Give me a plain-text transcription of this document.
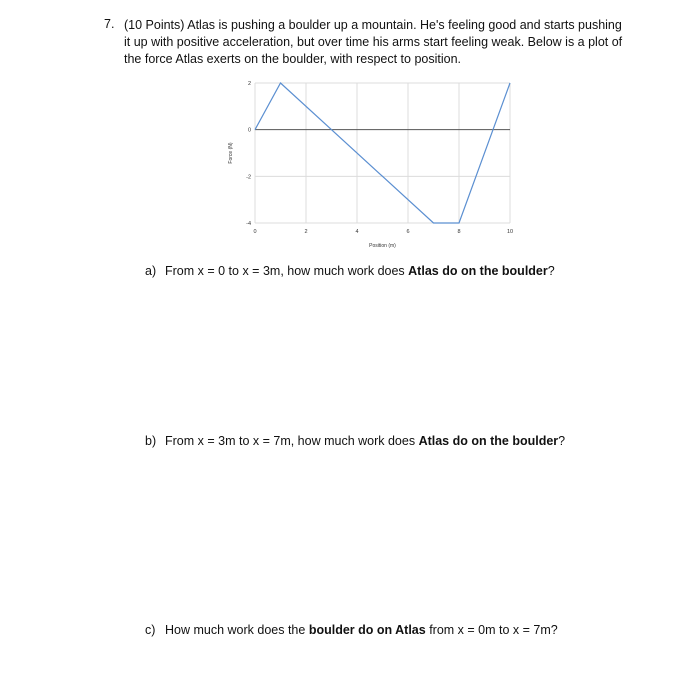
7. (10 Points) Atlas is pushing a boulder up a mountain. He's feeling good and starts pushing it up with positive acceleration, but over time his arms start feeling weak. Below is a plot of the force Atlas exerts on the boulder, with respect to position.
0	2	4	6	8	10
2
0
-2
-4
Position (m)
Force (N)
a) From x = 0 to x = 3m, how much work does Atlas do on the boulder?
b) From x = 3m to x = 7m, how much work does Atlas do on the boulder?
c) How much work does the boulder do on Atlas from x = 0m to x = 7m?
